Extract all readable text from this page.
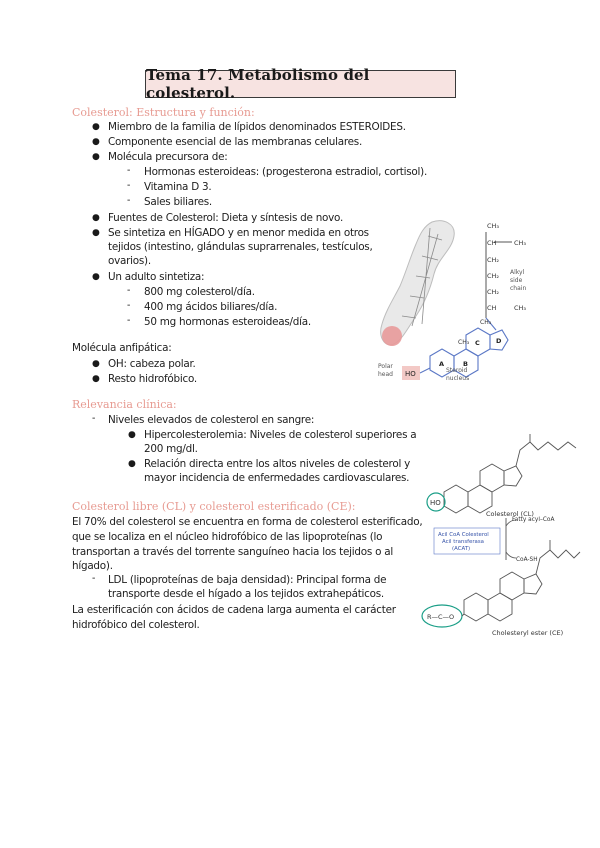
Tema 17. Metabolismo del colesterol.
Colesterol: Estructura y función:
● Miembro de la familia de lípidos denominados ESTEROIDES.
● Componente esencial de las membranas celulares.
● Molécula precursora de:
- Hormonas esteroideas: (progesterona estradiol, cortisol).
- Vitamina D 3.
- Sales biliares.
● Fuentes de Colesterol: Dieta y síntesis de novo.
● Se sintetiza en HÍGADO y en menor medida en otros
tejidos (intestino, glándulas suprarrenales, testículos,
ovarios).
● Un adulto sintetiza:
- 800 mg colesterol/día.
- 400 mg ácidos biliares/día.
- 50 mg hormonas esteroideas/día.
Molécula anfipática:
● OH: cabeza polar.
● Resto hidrofóbico.
Relevancia clínica:
- Niveles elevados de colesterol en sangre:
● Hipercolesterolemia: Niveles de colesterol superiores a
200 mg/dl.
● Relación directa entre los altos niveles de colesterol y
mayor incidencia de enfermedades cardiovasculares.
Colesterol libre (CL) y colesterol esterificado (CE):
El 70% del colesterol se encuentra en forma de colesterol esterificado,
que se localiza en el núcleo hidrofóbico de las lipoproteínas (lo
transportan a través del torrente sanguíneo hacia los tejidos o al
hígado).
- LDL (lipoproteínas de baja densidad): Principal forma de
transporte desde el hígado a los tejidos extrahepáticos.
La esterificación con ácidos de cadena larga aumenta el carácter
hidrofóbico del colesterol.
CH₃
CH	CH₃
CH₂
CH₂
CH₂
CH	CH₃
Alkyl
side
chain
A	B
C D
CH₃
CH₃
HO
Polar
head
Steroid
nucleus
HO
Colesterol (CL)
Fatty acyl–CoA
CoA-SH
Acil CoA Colesterol
Acil transferasa
(ACAT)
R—C—O
Cholesteryl ester (CE)
